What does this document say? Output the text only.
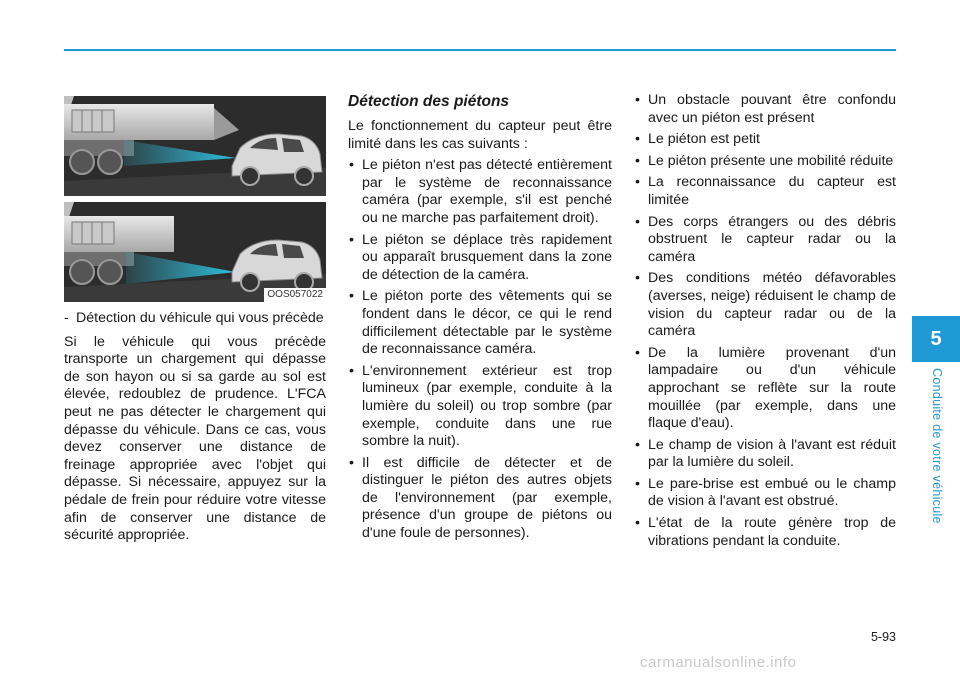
OOS057022
- Détection du véhicule qui vous précède

Si le véhicule qui vous précède transporte un chargement qui dépasse de son hayon ou si sa garde au sol est élevée, redoublez de prudence. L'FCA peut ne pas détecter le chargement qui dépasse du véhicule. Dans ce cas, vous devez conserver une distance de freinage appropriée avec l'objet qui dépasse. Si nécessaire, appuyez sur la pédale de frein pour réduire votre vitesse afin de conserver une distance de sécurité appropriée.

Détection des piétons

Le fonctionnement du capteur peut être limité dans les cas suivants :

• Le piéton n'est pas détecté entièrement par le système de reconnaissance caméra (par exemple, s'il est penché ou ne marche pas parfaitement droit).
• Le piéton se déplace très rapidement ou apparaît brusquement dans la zone de détection de la caméra.
• Le piéton porte des vêtements qui se fondent dans le décor, ce qui le rend difficilement détectable par le système de reconnaissance caméra.
• L'environnement extérieur est trop lumineux (par exemple, conduite à la lumière du soleil) ou trop sombre (par exemple, conduite dans une rue sombre la nuit).
• Il est difficile de détecter et de distinguer le piéton des autres objets de l'environnement (par exemple, présence d'un groupe de piétons ou d'une foule de personnes).
• Un obstacle pouvant être confondu avec un piéton est présent
• Le piéton est petit
• Le piéton présente une mobilité réduite
• La reconnaissance du capteur est limitée
• Des corps étrangers ou des débris obstruent le capteur radar ou la caméra
• Des conditions météo défavorables (averses, neige) réduisent le champ de vision du capteur radar ou de la caméra
• De la lumière provenant d'un lampadaire ou d'un véhicule approchant se reflète sur la route mouillée (par exemple, dans une flaque d'eau).
• Le champ de vision à l'avant est réduit par la lumière du soleil.
• Le pare-brise est embué ou le champ de vision à l'avant est obstrué.
• L'état de la route génère trop de vibrations pendant la conduite.
5
Conduite de votre véhicule
5-93
carmanualsonline.info
